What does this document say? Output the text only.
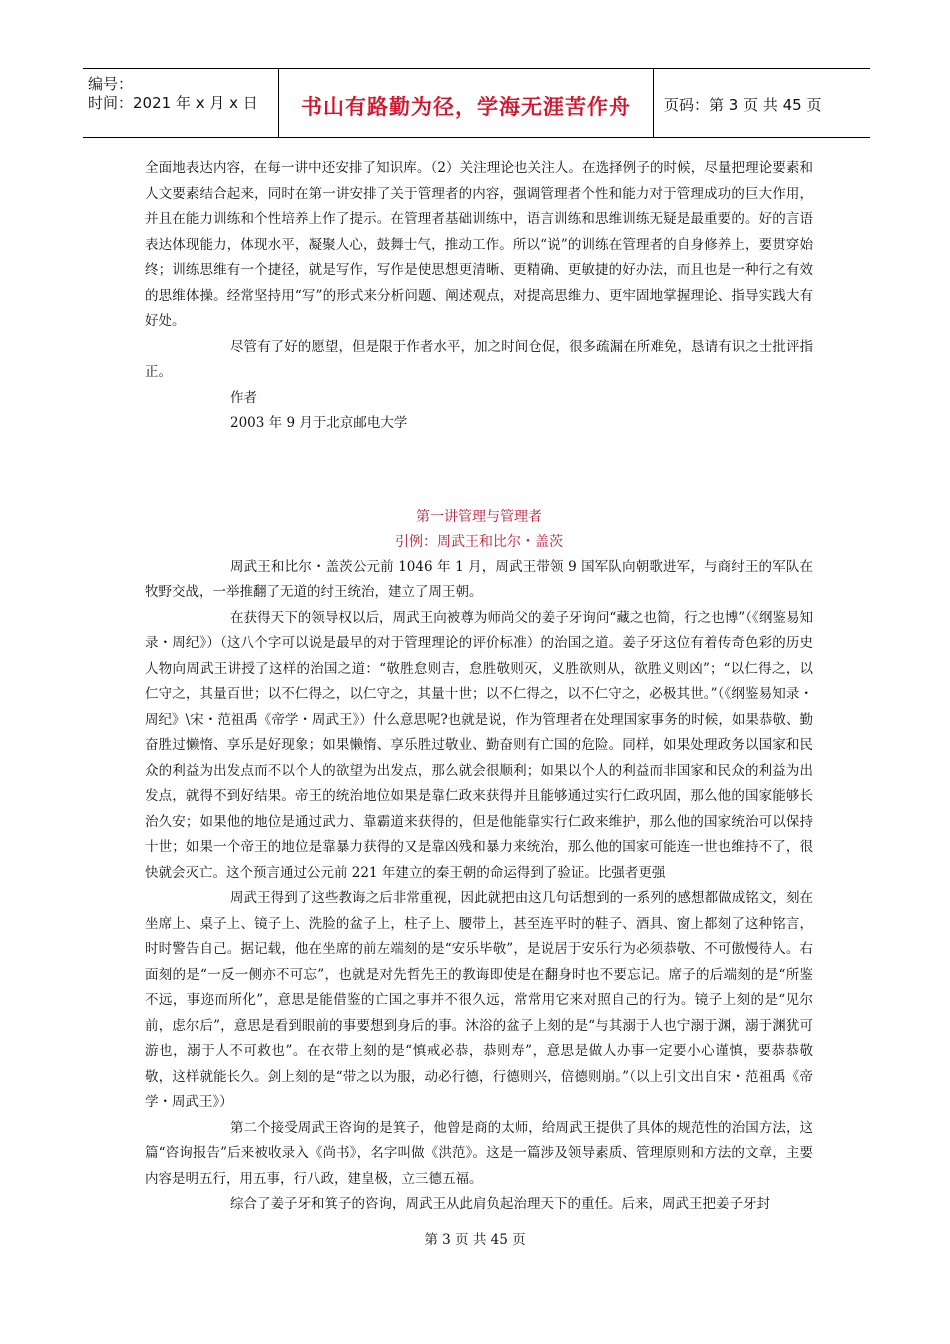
编号：
时间：2021 年 x 月 x 日	书山有路勤为径，学海无涯苦作舟	页码：第 3 页 共 45 页

全面地表达内容，在每一讲中还安排了知识库。（2）关注理论也关注人。在选择例子的时候，尽量把理论要素和人文要素结合起来，同时在第一讲安排了关于管理者的内容，强调管理者个性和能力对于管理成功的巨大作用，并且在能力训练和个性培养上作了提示。在管理者基础训练中，语言训练和思维训练无疑是最重要的。好的言语表达体现能力，体现水平，凝聚人心，鼓舞士气，推动工作。所以“说”的训练在管理者的自身修养上，要贯穿始终；训练思维有一个捷径，就是写作，写作是使思想更清晰、更精确、更敏捷的好办法，而且也是一种行之有效的思维体操。经常坚持用“写”的形式来分析问题、阐述观点，对提高思维力、更牢固地掌握理论、指导实践大有好处。

尽管有了好的愿望，但是限于作者水平，加之时间仓促，很多疏漏在所难免，恳请有识之士批评指正。

作者

2003 年 9 月于北京邮电大学

第一讲管理与管理者
引例：周武王和比尔・盖茨

周武王和比尔・盖茨公元前 1046 年 1 月，周武王带领 9 国军队向朝歌进军，与商纣王的军队在牧野交战，一举推翻了无道的纣王统治，建立了周王朝。

在获得天下的领导权以后，周武王向被尊为师尚父的姜子牙询问“藏之也简，行之也博”（《纲鉴易知录・周纪》）（这八个字可以说是最早的对于管理理论的评价标准）的治国之道。姜子牙这位有着传奇色彩的历史人物向周武王讲授了这样的治国之道：“敬胜怠则吉，怠胜敬则灭，义胜欲则从，欲胜义则凶”；“以仁得之，以仁守之，其量百世；以不仁得之，以仁守之，其量十世；以不仁得之，以不仁守之，必极其世。”（《纲鉴易知录・周纪》\宋・范祖禹《帝学・周武王》）什么意思呢?也就是说，作为管理者在处理国家事务的时候，如果恭敬、勤奋胜过懒惰、享乐是好现象；如果懒惰、享乐胜过敬业、勤奋则有亡国的危险。同样，如果处理政务以国家和民众的利益为出发点而不以个人的欲望为出发点，那么就会很顺利；如果以个人的利益而非国家和民众的利益为出发点，就得不到好结果。帝王的统治地位如果是靠仁政来获得并且能够通过实行仁政巩固，那么他的国家能够长治久安；如果他的地位是通过武力、靠霸道来获得的，但是他能靠实行仁政来维护，那么他的国家统治可以保持十世；如果一个帝王的地位是靠暴力获得的又是靠凶残和暴力来统治，那么他的国家可能连一世也维持不了，很快就会灭亡。这个预言通过公元前 221 年建立的秦王朝的命运得到了验证。比强者更强

周武王得到了这些教诲之后非常重视，因此就把由这几句话想到的一系列的感想都做成铭文，刻在坐席上、桌子上、镜子上、洗脸的盆子上，柱子上、腰带上，甚至连平时的鞋子、酒具、窗上都刻了这种铭言，时时警告自己。据记载，他在坐席的前左端刻的是“安乐毕敬”，是说居于安乐行为必须恭敬、不可傲慢待人。右面刻的是“一反一侧亦不可忘”，也就是对先哲先王的教诲即使是在翻身时也不要忘记。席子的后端刻的是“所鉴不远，事迩而所化”，意思是能借鉴的亡国之事并不很久远，常常用它来对照自己的行为。镜子上刻的是“见尔前，虑尔后”，意思是看到眼前的事要想到身后的事。沐浴的盆子上刻的是“与其溺于人也宁溺于渊，溺于渊犹可游也，溺于人不可救也”。在衣带上刻的是“慎戒必恭，恭则寿”，意思是做人办事一定要小心谨慎，要恭恭敬敬，这样就能长久。剑上刻的是“带之以为服，动必行德，行德则兴，倍德则崩。”（以上引文出自宋・范祖禹《帝学・周武王》）

第二个接受周武王咨询的是箕子，他曾是商的太师，给周武王提供了具体的规范性的治国方法，这篇“咨询报告”后来被收录入《尚书》，名字叫做《洪范》。这是一篇涉及领导素质、管理原则和方法的文章，主要内容是明五行，用五事，行八政，建皇极，立三德五福。

综合了姜子牙和箕子的咨询，周武王从此肩负起治理天下的重任。后来，周武王把姜子牙封

第 3 页 共 45 页
